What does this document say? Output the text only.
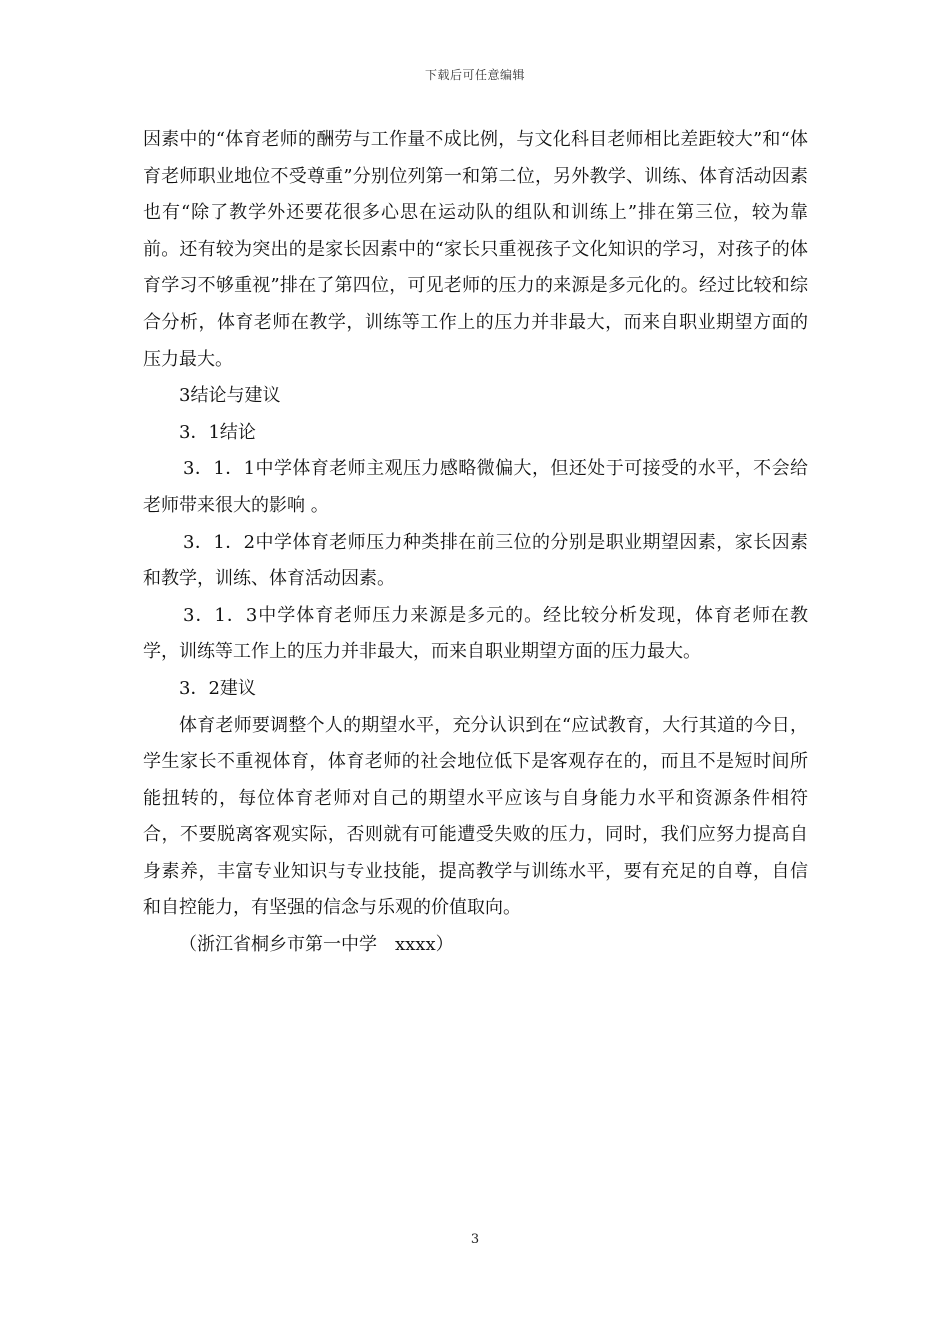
下载后可任意编辑

因素中的“体育老师的酬劳与工作量不成比例，与文化科目老师相比差距较大”和“体育老师职业地位不受尊重”分别位列第一和第二位，另外教学、训练、体育活动因素也有“除了教学外还要花很多心思在运动队的组队和训练上”排在第三位，较为靠前。还有较为突出的是家长因素中的“家长只重视孩子文化知识的学习，对孩子的体育学习不够重视”排在了第四位，可见老师的压力的来源是多元化的。经过比较和综合分析，体育老师在教学，训练等工作上的压力并非最大，而来自职业期望方面的压力最大。

3结论与建议

3．1结论

3．1．1中学体育老师主观压力感略微偏大，但还处于可接受的水平，不会给老师带来很大的影响 。

3．1．2中学体育老师压力种类排在前三位的分别是职业期望因素，家长因素和教学，训练、体育活动因素。

3．1．3中学体育老师压力来源是多元的。经比较分析发现，体育老师在教学，训练等工作上的压力并非最大，而来自职业期望方面的压力最大。

3．2建议

体育老师要调整个人的期望水平，充分认识到在“应试教育，大行其道的今日，学生家长不重视体育，体育老师的社会地位低下是客观存在的，而且不是短时间所能扭转的，每位体育老师对自己的期望水平应该与自身能力水平和资源条件相符合，不要脱离客观实际，否则就有可能遭受失败的压力，同时，我们应努力提高自身素养，丰富专业知识与专业技能，提高教学与训练水平，要有充足的自尊，自信和自控能力，有坚强的信念与乐观的价值取向。

（浙江省桐乡市第一中学　xxxx）

3
